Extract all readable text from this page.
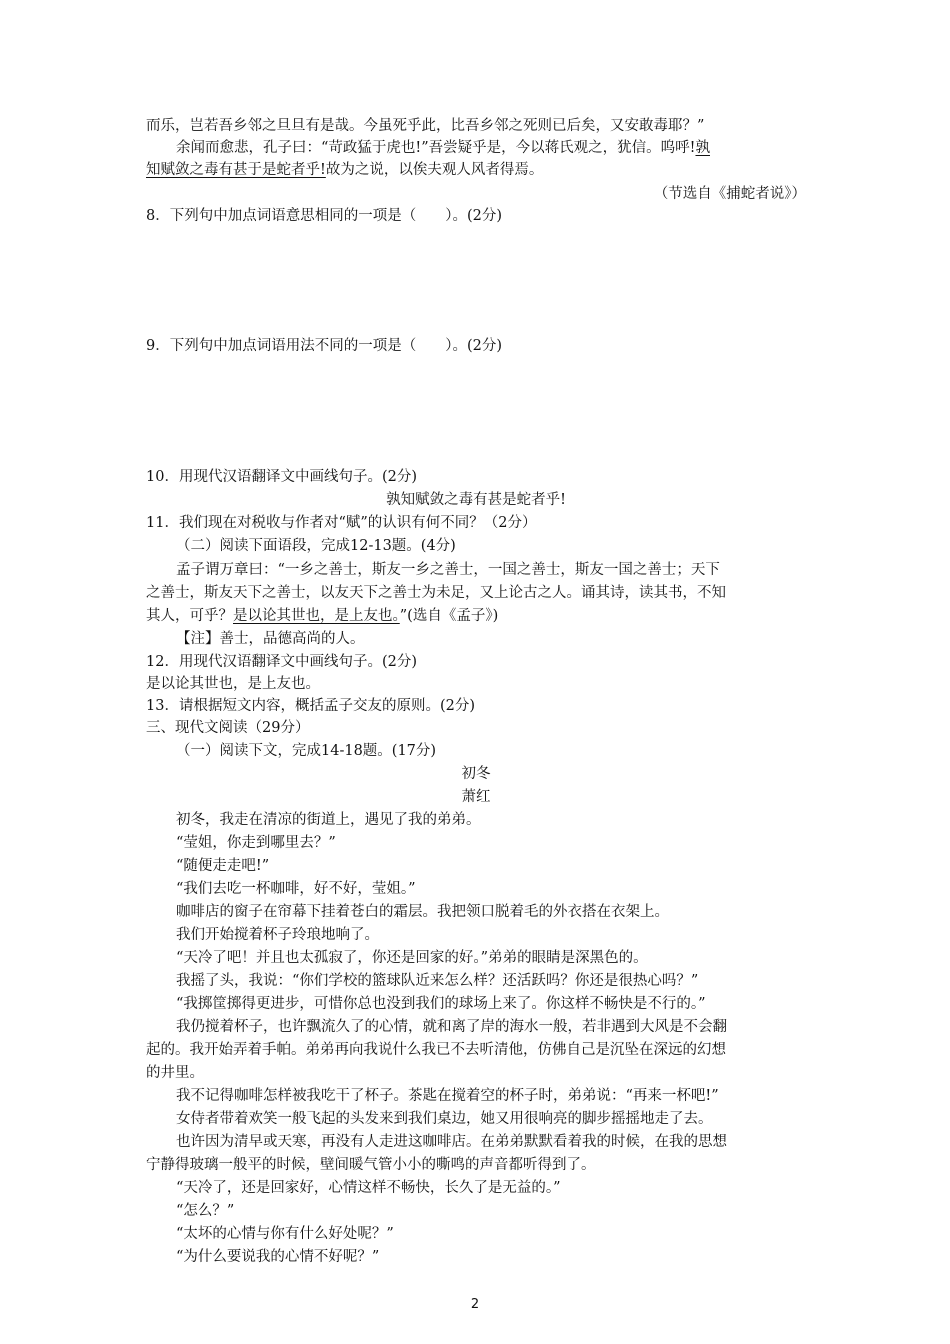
而乐，岂若吾乡邻之旦旦有是哉。今虽死乎此，比吾乡邻之死则已后矣，又安敢毒耶？”
余闻而愈悲，孔子曰：“苛政猛于虎也!”吾尝疑乎是，今以蒋氏观之，犹信。呜呼!孰
知赋敛之毒有甚于是蛇者乎!故为之说，以俟夫观人风者得焉。
（节选自《捕蛇者说》）
8．下列句中加点词语意思相同的一项是（　　）。(2分)
9．下列句中加点词语用法不同的一项是（　　）。(2分)
10．用现代汉语翻译文中画线句子。(2分)
孰知赋敛之毒有甚是蛇者乎!
11．我们现在对税收与作者对“赋”的认识有何不同？（2分）
（二）阅读下面语段，完成12-13题。(4分)
孟子谓万章曰：“一乡之善士，斯友一乡之善士，一国之善士，斯友一国之善士；天下
之善士，斯友天下之善士，以友天下之善士为未足，又上论古之人。诵其诗，读其书，不知
其人，可乎？是以论其世也，是上友也。”(选自《孟子》)
【注】善士，品德高尚的人。
12．用现代汉语翻译文中画线句子。(2分)
是以论其世也，是上友也。
13．请根据短文内容，概括孟子交友的原则。(2分)
三、现代文阅读（29分）
（一）阅读下文，完成14-18题。(17分)
初冬
萧红
初冬，我走在清凉的街道上，遇见了我的弟弟。
“莹姐，你走到哪里去？”
“随便走走吧!”
“我们去吃一杯咖啡，好不好，莹姐。”
咖啡店的窗子在帘幕下挂着苍白的霜层。我把领口脱着毛的外衣搭在衣架上。
我们开始搅着杯子玲琅地响了。
“天冷了吧！并且也太孤寂了，你还是回家的好。”弟弟的眼睛是深黑色的。
我摇了头，我说：“你们学校的篮球队近来怎么样？还活跃吗？你还是很热心吗？”
“我掷筐掷得更进步，可惜你总也没到我们的球场上来了。你这样不畅快是不行的。”
我仍搅着杯子，也许飘流久了的心情，就和离了岸的海水一般，若非遇到大风是不会翻
起的。我开始弄着手帕。弟弟再向我说什么我已不去听清他，仿佛自己是沉坠在深远的幻想
的井里。
我不记得咖啡怎样被我吃干了杯子。茶匙在搅着空的杯子时，弟弟说：“再来一杯吧!”
女侍者带着欢笑一般飞起的头发来到我们桌边，她又用很响亮的脚步摇摇地走了去。
也许因为清早或天寒，再没有人走进这咖啡店。在弟弟默默看着我的时候，在我的思想
宁静得玻璃一般平的时候，壁间暖气管小小的嘶鸣的声音都听得到了。
“天冷了，还是回家好，心情这样不畅快，长久了是无益的。”
“怎么？”
“太坏的心情与你有什么好处呢？”
“为什么要说我的心情不好呢？”
2
